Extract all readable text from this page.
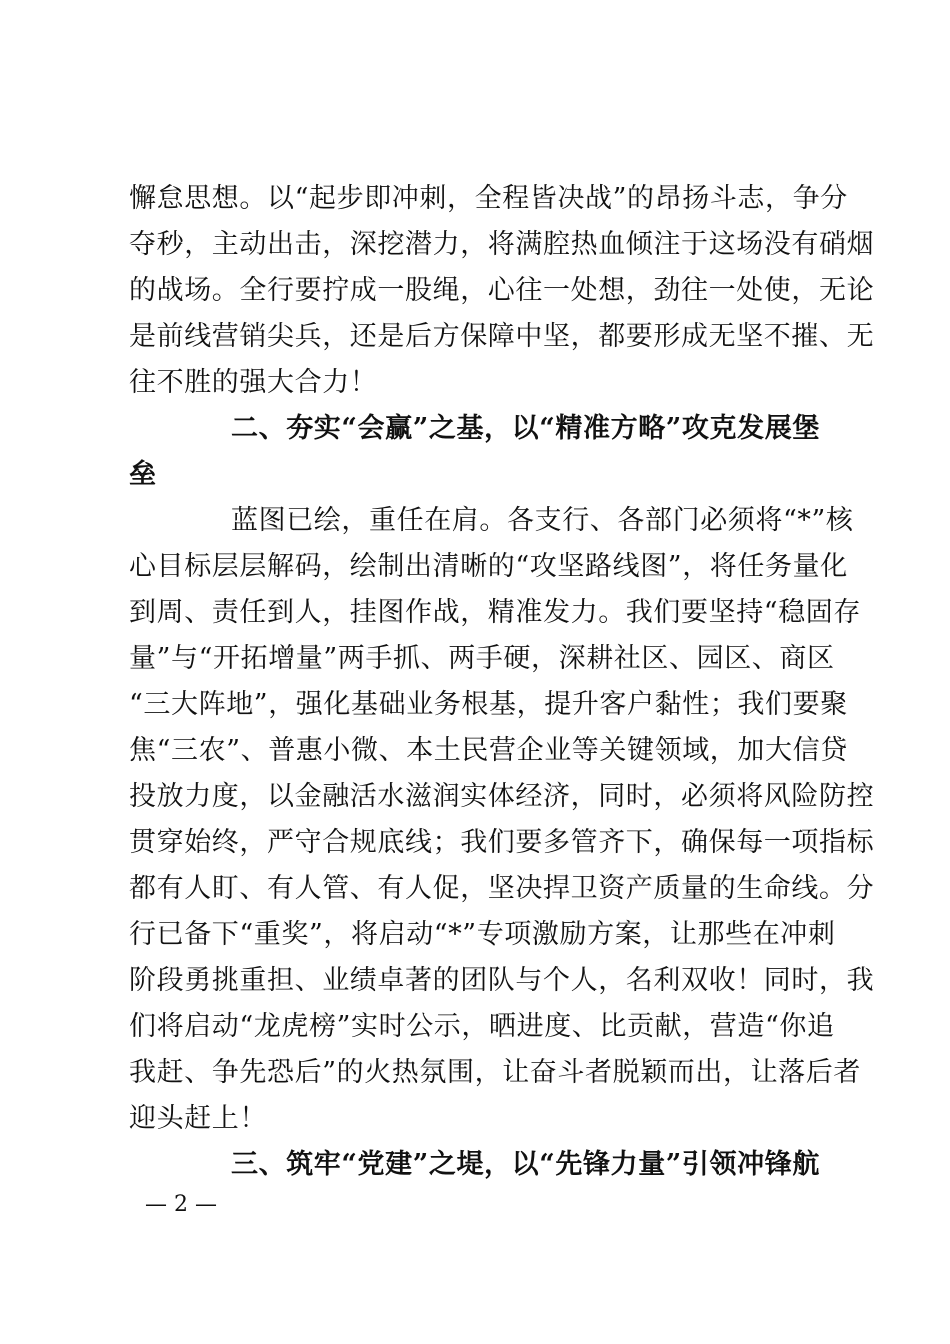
懈怠思想。以“起步即冲刺，全程皆决战”的昂扬斗志，争分
夺秒，主动出击，深挖潜力，将满腔热血倾注于这场没有硝烟
的战场。全行要拧成一股绳，心往一处想，劲往一处使，无论
是前线营销尖兵，还是后方保障中坚，都要形成无坚不摧、无
往不胜的强大合力！
二、夯实“会赢”之基，以“精准方略”攻克发展堡
垒
蓝图已绘，重任在肩。各支行、各部门必须将“*”核
心目标层层解码，绘制出清晰的“攻坚路线图”，将任务量化
到周、责任到人，挂图作战，精准发力。我们要坚持“稳固存
量”与“开拓增量”两手抓、两手硬，深耕社区、园区、商区
“三大阵地”，强化基础业务根基，提升客户黏性；我们要聚
焦“三农”、普惠小微、本土民营企业等关键领域，加大信贷
投放力度，以金融活水滋润实体经济，同时，必须将风险防控
贯穿始终，严守合规底线；我们要多管齐下，确保每一项指标
都有人盯、有人管、有人促，坚决捍卫资产质量的生命线。分
行已备下“重奖”，将启动“*”专项激励方案，让那些在冲刺
阶段勇挑重担、业绩卓著的团队与个人，名利双收！同时，我
们将启动“龙虎榜”实时公示，晒进度、比贡献，营造“你追
我赶、争先恐后”的火热氛围，让奋斗者脱颖而出，让落后者
迎头赶上！
三、筑牢“党建”之堤，以“先锋力量”引领冲锋航
— 2 —
